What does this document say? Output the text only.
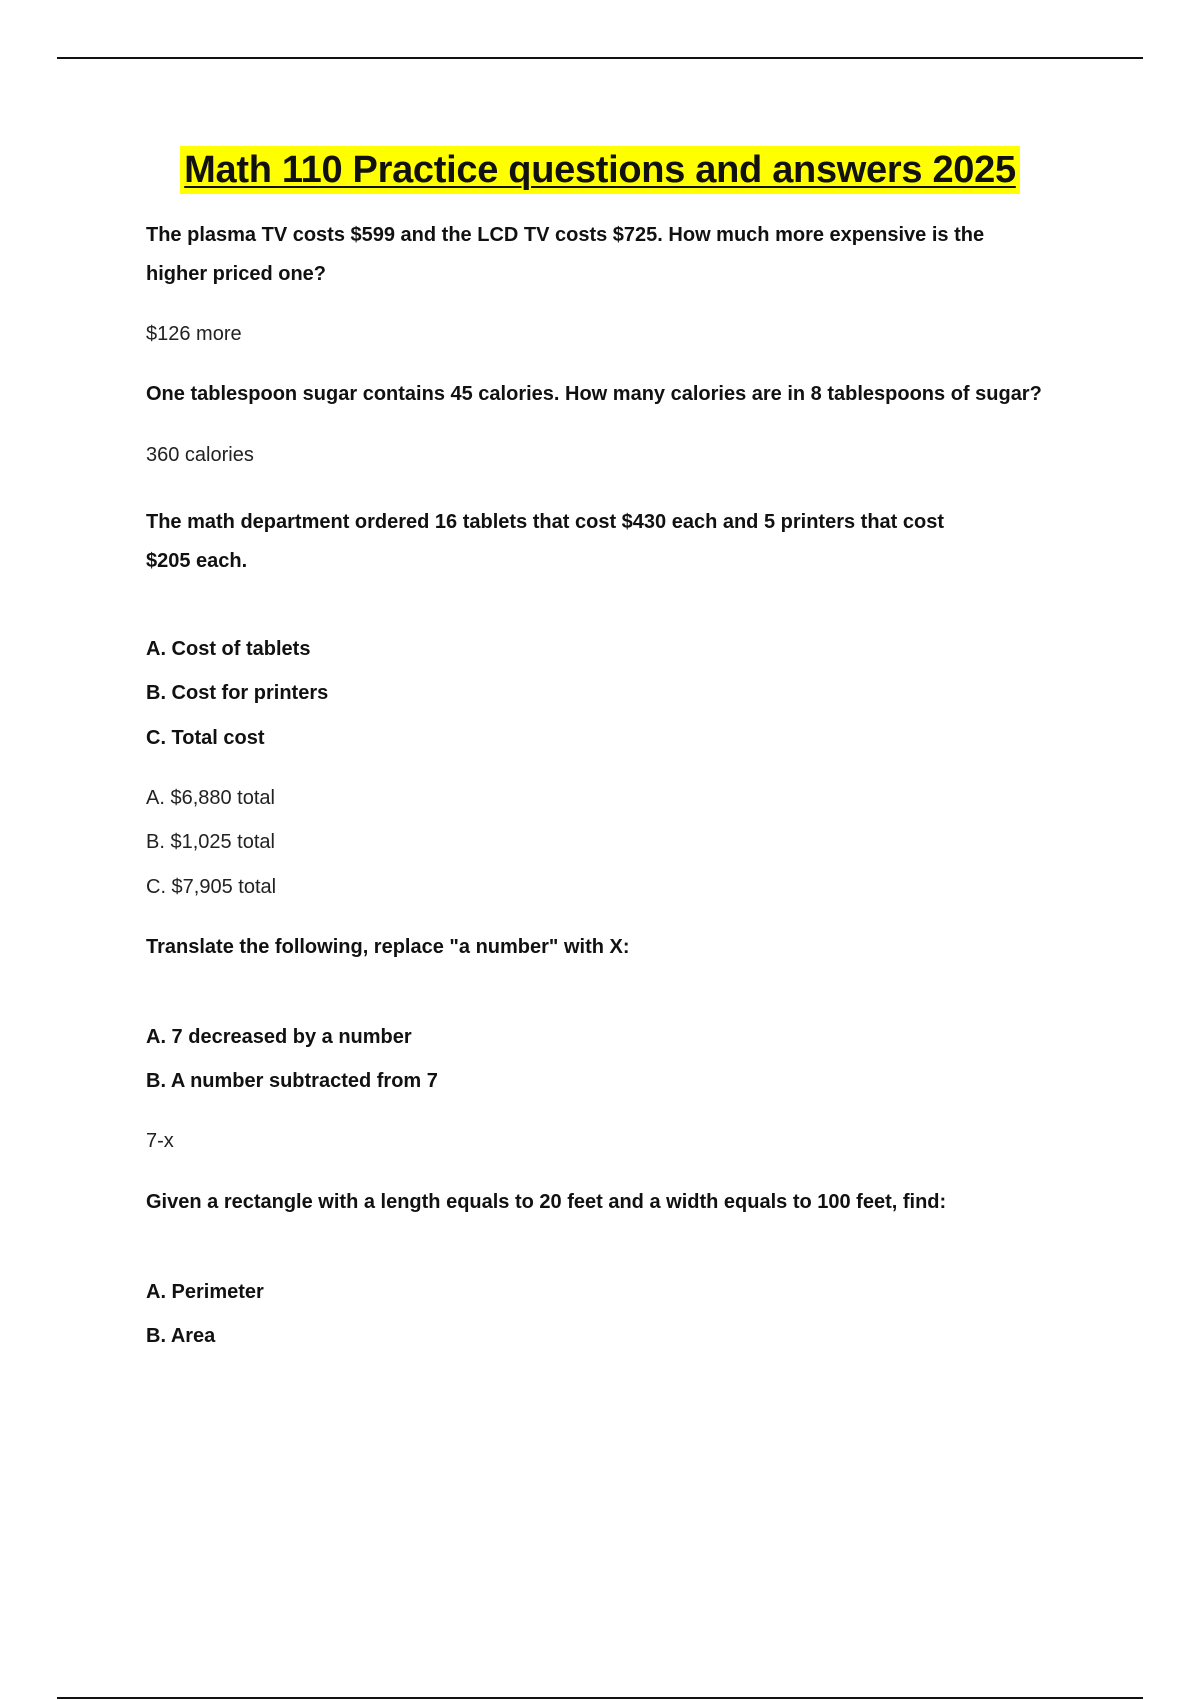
Math 110 Practice questions and answers 2025
The plasma TV costs $599 and the LCD TV costs $725. How much more expensive is the
higher priced one?
$126 more
One tablespoon sugar contains 45 calories. How many calories are in 8 tablespoons of sugar?
360 calories
The math department ordered 16 tablets that cost $430 each and 5 printers that cost
$205 each.
A. Cost of tablets
B. Cost for printers
C. Total cost
A. $6,880 total
B. $1,025 total
C. $7,905 total
Translate the following, replace "a number" with X:
A. 7 decreased by a number
B. A number subtracted from 7
7-x
Given a rectangle with a length equals to 20 feet and a width equals to 100 feet, find:
A. Perimeter
B. Area
